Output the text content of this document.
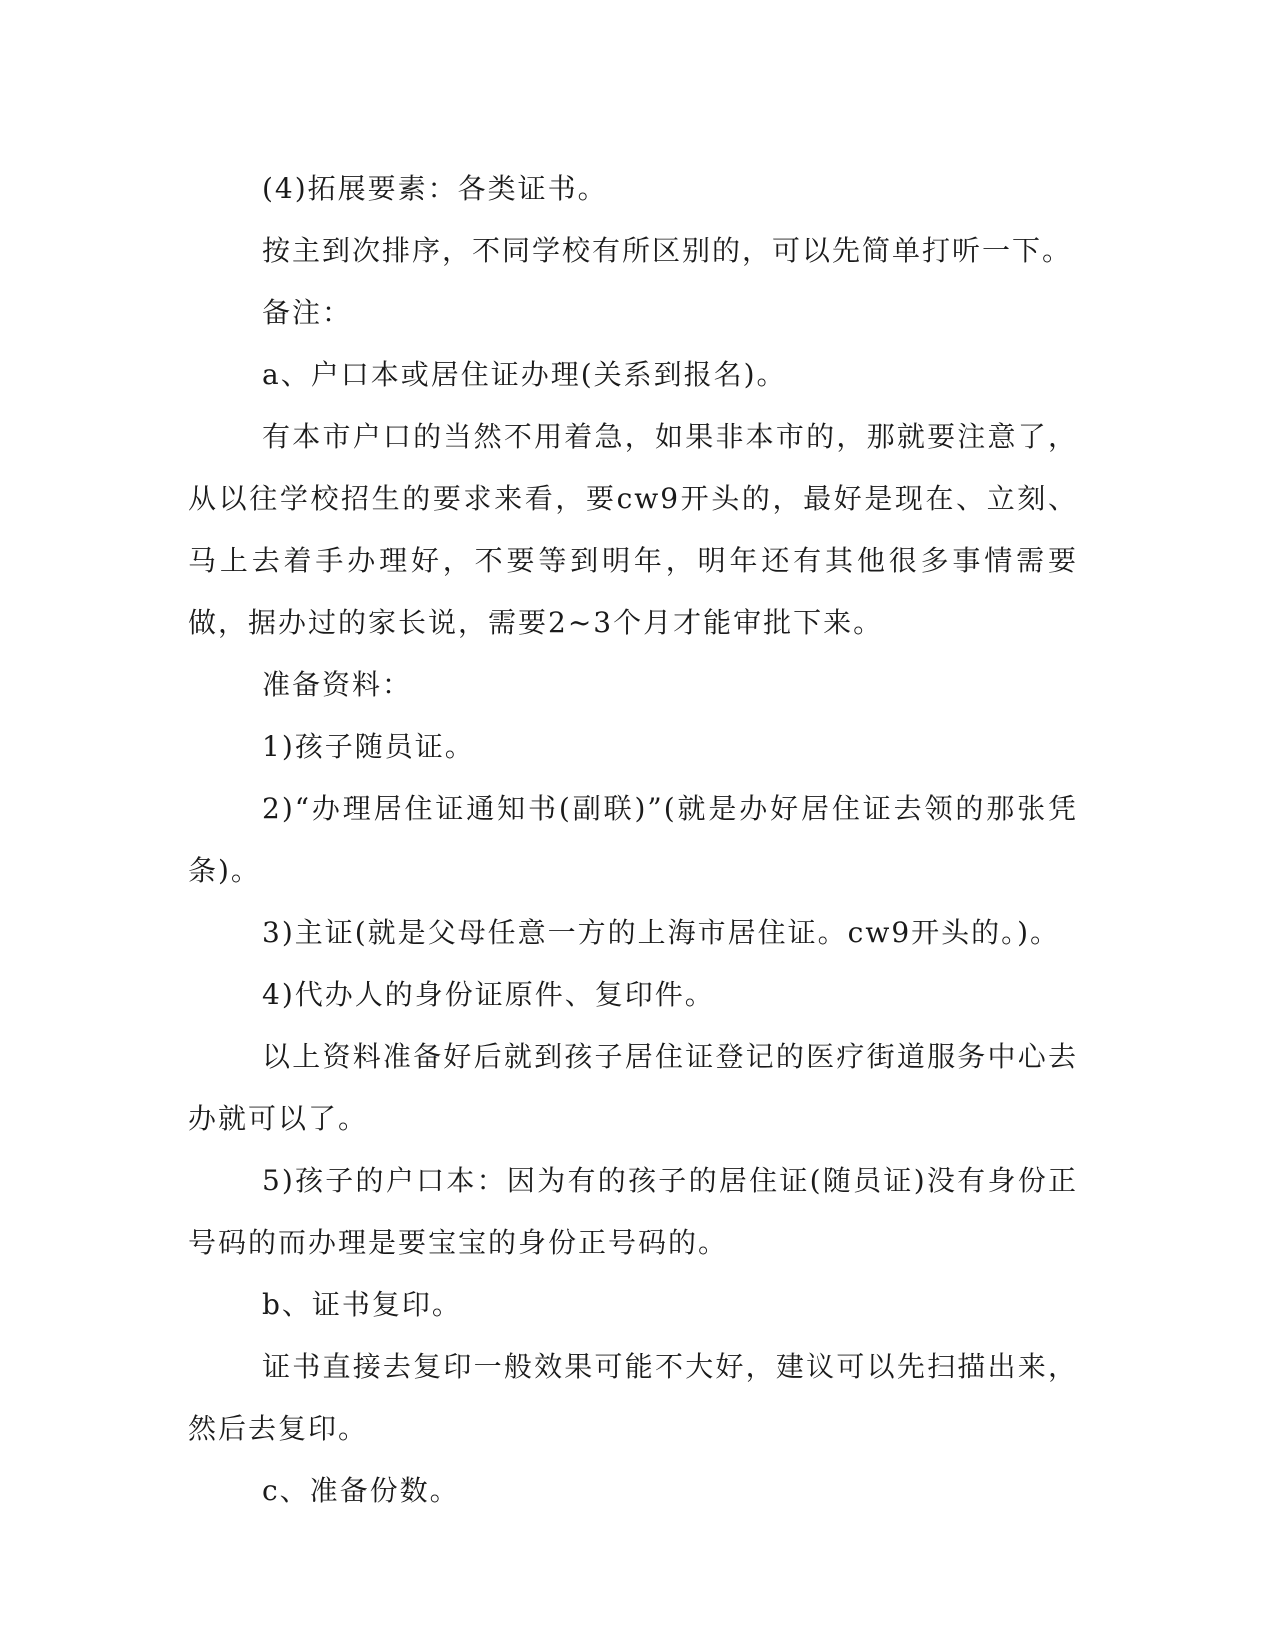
(4)拓展要素：各类证书。

按主到次排序，不同学校有所区别的，可以先简单打听一下。

备注：

a、户口本或居住证办理(关系到报名)。

有本市户口的当然不用着急，如果非本市的，那就要注意了，从以往学校招生的要求来看，要cw9开头的，最好是现在、立刻、马上去着手办理好，不要等到明年，明年还有其他很多事情需要做，据办过的家长说，需要2~3个月才能审批下来。

准备资料：

1)孩子随员证。

2)“办理居住证通知书(副联)”(就是办好居住证去领的那张凭条)。

3)主证(就是父母任意一方的上海市居住证。cw9开头的。)。

4)代办人的身份证原件、复印件。

以上资料准备好后就到孩子居住证登记的医疗街道服务中心去办就可以了。

5)孩子的户口本：因为有的孩子的居住证(随员证)没有身份正号码的而办理是要宝宝的身份正号码的。

b、证书复印。

证书直接去复印一般效果可能不大好，建议可以先扫描出来，然后去复印。

c、准备份数。
